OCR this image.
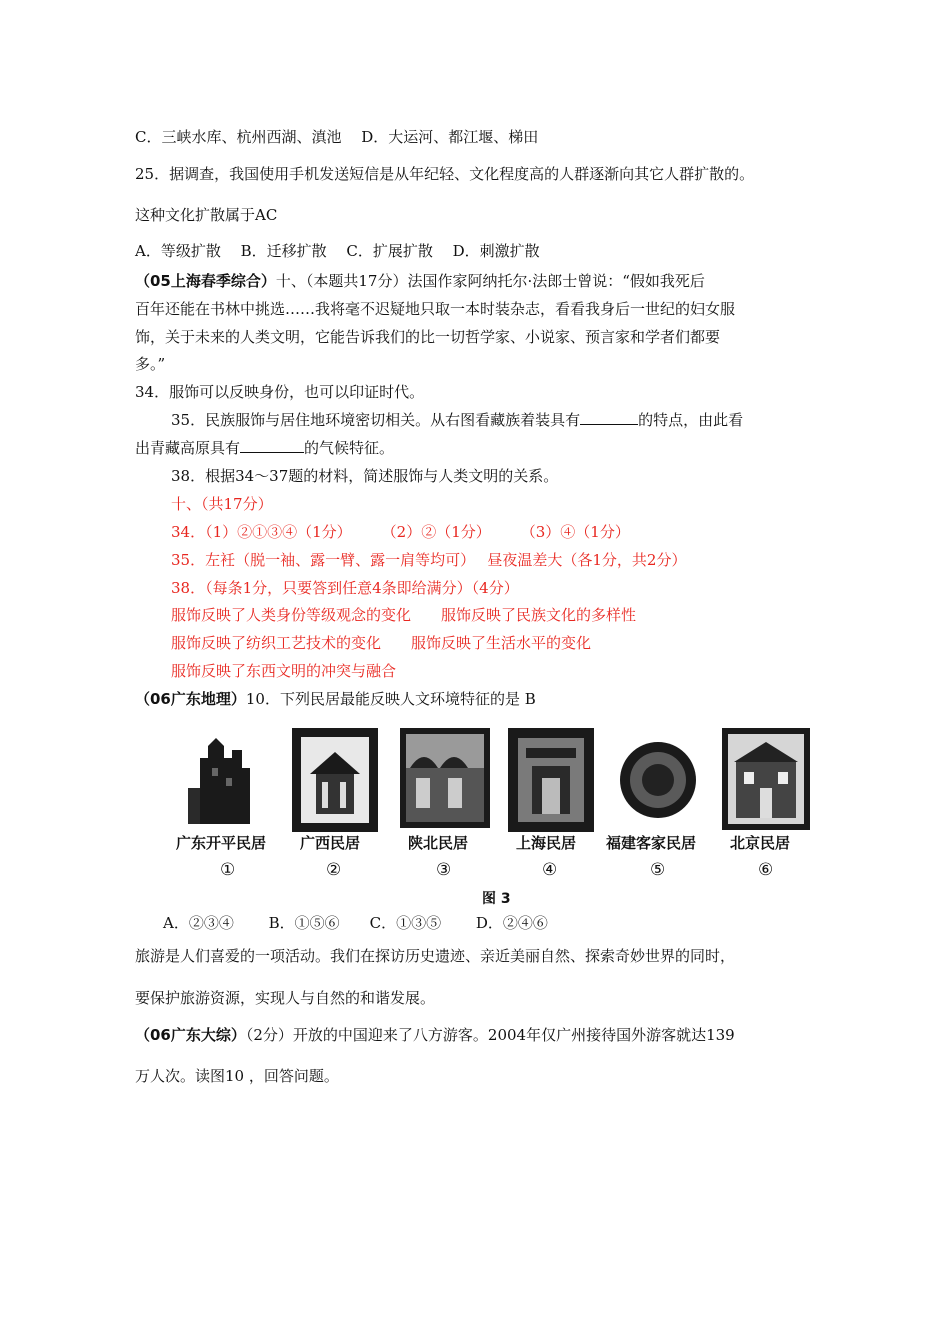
C．三峡水库、杭州西湖、滇池　 D．大运河、都江堰、梯田
25．据调查，我国使用手机发送短信是从年纪轻、文化程度高的人群逐渐向其它人群扩散的。
这种文化扩散属于AC
A．等级扩散　 B．迁移扩散　 C．扩展扩散　 D．刺激扩散
（05上海春季综合）十、（本题共17分）法国作家阿纳托尔·法郎士曾说：“假如我死后
百年还能在书林中挑选……我将毫不迟疑地只取一本时装杂志，看看我身后一世纪的妇女服
饰，关于未来的人类文明，它能告诉我们的比一切哲学家、小说家、预言家和学者们都要
多。”
34．服饰可以反映身份，也可以印证时代。
35．民族服饰与居住地环境密切相关。从右图看藏族着装具有	的特点，由此看
出青藏高原具有	的气候特征。
38．根据34～37题的材料，简述服饰与人类文明的关系。
十、（共17分）
34．（1）②①③④（1分）　　　（2）②（1分）　　　（3）④（1分）
35．左衽（脱一袖、露一臂、露一肩等均可）　 昼夜温差大（各1分，共2分）
38．（每条1分，只要答到任意4条即给满分）（4分）
服饰反映了人类身份等级观念的变化　　服饰反映了民族文化的多样性
服饰反映了纺织工艺技术的变化　　服饰反映了生活水平的变化
服饰反映了东西文明的冲突与融合
（06广东地理）10．下列民居最能反映人文环境特征的是 B
广东开平民居 广西民居	陕北民居	上海民居 福建客家民居 北京民居
①	②	③	④	⑤	⑥
图 3
A．②③④　　 B．①⑤⑥　　C．①③⑤　　 D．②④⑥
旅游是人们喜爱的一项活动。我们在探访历史遗迹、亲近美丽自然、探索奇妙世界的同时，
要保护旅游资源，实现人与自然的和谐发展。
（06广东大综）（2分）开放的中国迎来了八方游客。2004年仅广州接待国外游客就达139
万人次。读图10 ，回答问题。
